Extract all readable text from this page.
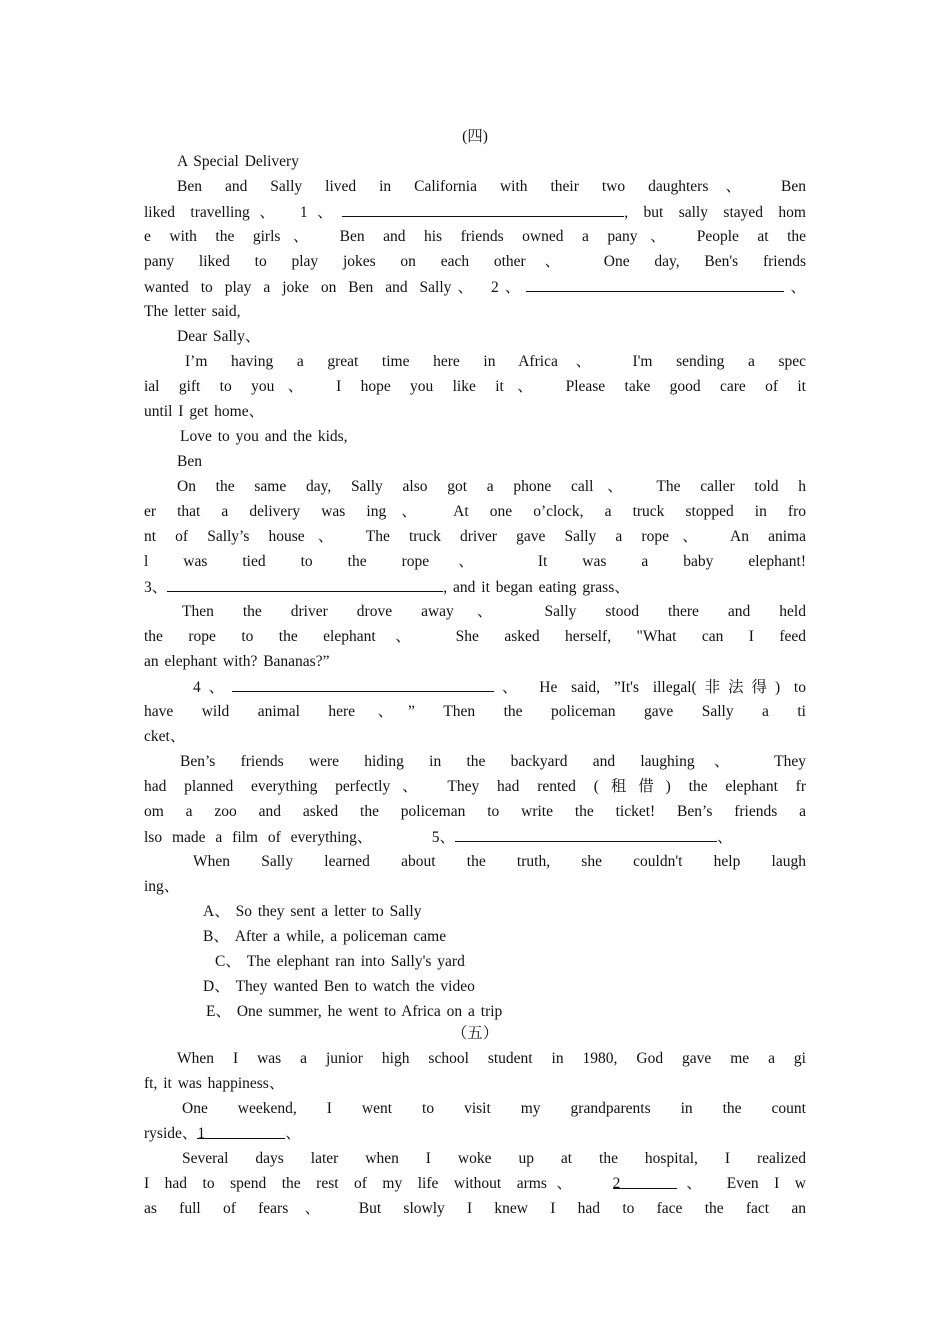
(四)

A Special Delivery

Ben and Sally lived in California with their two daughters、 Ben

liked travelling、 1、	, but sally stayed hom

e with the girls、 Ben and his friends owned a pany、 People at the

pany liked to play jokes on each other、 One day, Ben's friends

wanted to play a joke on Ben and Sally、 2、	、

The letter said,

Dear Sally、

I’m having a great time here in Africa、 I'm sending a spec

ial gift to you、 I hope you like it、 Please take good care of it

until I get home、

Love to you and the kids,

Ben

On the same day, Sally also got a phone call、 The caller told h

er that a delivery was ing、 At one o’clock, a truck stopped in fro

nt of Sally’s house、 The truck driver gave Sally a rope、 An anima

l was tied to the rope、 It was a baby elephant!

3、	, and it began eating grass、

Then the driver drove away、 Sally stood there and held

the rope to the elephant、 She asked herself, "What can I feed

an elephant with? Bananas?”

4、	、 He said, ”It's illegal(非法得) to

have wild animal here、” Then the policeman gave Sally a ti

cket、

Ben’s friends were hiding in the backyard and laughing、 They

had planned everything perfectly、 They had rented (租借) the elephant fr

om a zoo and asked the policeman to write the ticket! Ben’s friends a

lso made a film of everything、	5、	、

When Sally learned about the truth, she couldn't help laugh

ing、

A、 So they sent a letter to Sally

B、 After a while, a policeman came

C、 The elephant ran into Sally's yard

D、 They wanted Ben to watch the video

E、 One summer, he went to Africa on a trip

（五）

When I was a junior high school student in 1980, God gave me a gi

ft, it was happiness、

One weekend, I went to visit my grandparents in the count

ryside、1	、

Several days later when I woke up at the hospital, I realized

I had to spend the rest of my life without arms、 2	、 Even I w

as full of fears、 But slowly I knew I had to face the fact an
